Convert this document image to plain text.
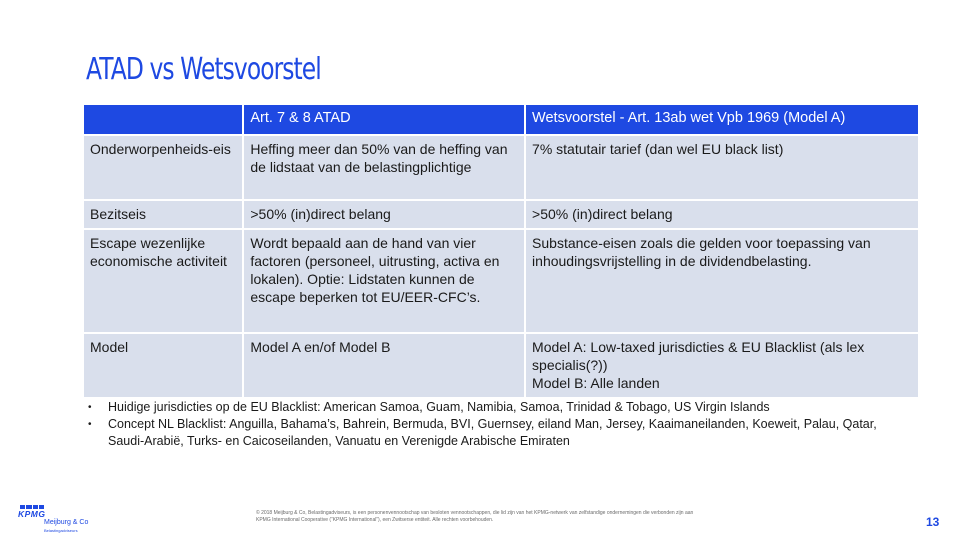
ATAD vs Wetsvoorstel
	Art. 7 & 8 ATAD	Wetsvoorstel - Art. 13ab wet Vpb 1969 (Model A)
Onderworpenheids-eis	Heffing meer dan 50% van de heffing van de lidstaat van de belastingplichtige	7% statutair tarief (dan wel EU black list)
Bezitseis	>50% (in)direct belang	>50% (in)direct belang
Escape wezenlijke economische activiteit	Wordt bepaald aan de hand van vier factoren (personeel, uitrusting, activa en lokalen). Optie: Lidstaten kunnen de escape beperken tot EU/EER-CFC’s.	Substance-eisen zoals die gelden voor toepassing van inhoudingsvrijstelling in de dividendbelasting.
Model	Model A en/of Model B	Model A: Low-taxed jurisdicties & EU Blacklist (als lex specialis(?))
Model B: Alle landen
• Huidige jurisdicties op de EU Blacklist: American Samoa, Guam, Namibia, Samoa, Trinidad & Tobago, US Virgin Islands
• Concept NL Blacklist: Anguilla, Bahama’s, Bahrein, Bermuda, BVI, Guernsey, eiland Man, Jersey, Kaaimaneilanden, Koeweit, Palau, Qatar, Saudi-Arabië, Turks- en Caicoseilanden, Vanuatu en Verenigde Arabische Emiraten
KPMG
Meijburg & Co
Belastingadviseurs
© 2018 Meijburg & Co, Belastingadviseurs, is een personenvennootschap van besloten vennootschappen, die lid zijn van het KPMG-netwerk van zelfstandige ondernemingen die verbonden zijn aan KPMG International Cooperative (“KPMG International”), een Zwitserse entiteit. Alle rechten voorbehouden.	13
